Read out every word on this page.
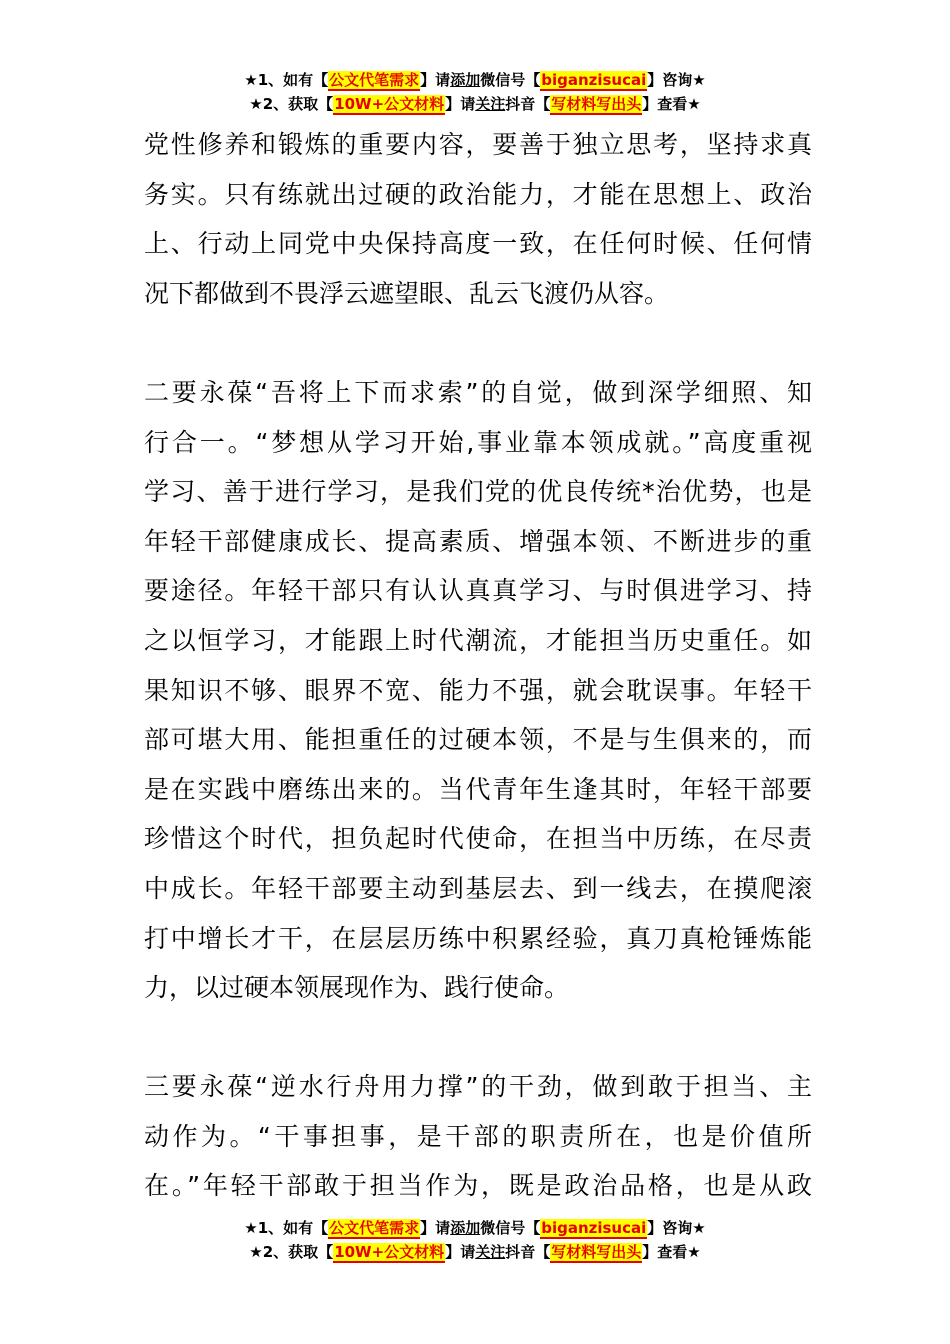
★1、如有【公文代笔需求】请添加微信号【biganzisucai】咨询★
★2、获取【10W+公文材料】请关注抖音【写材料写出头】查看★
党性修养和锻炼的重要内容，要善于独立思考，坚持求真
务实。只有练就出过硬的政治能力，才能在思想上、政治
上、行动上同党中央保持高度一致，在任何时候、任何情
况下都做到不畏浮云遮望眼、乱云飞渡仍从容。
二要永葆“吾将上下而求索”的自觉，做到深学细照、知
行合一。“梦想从学习开始,事业靠本领成就。”高度重视
学习、善于进行学习，是我们党的优良传统*治优势，也是
年轻干部健康成长、提高素质、增强本领、不断进步的重
要途径。年轻干部只有认认真真学习、与时俱进学习、持
之以恒学习，才能跟上时代潮流，才能担当历史重任。如
果知识不够、眼界不宽、能力不强，就会耽误事。年轻干
部可堪大用、能担重任的过硬本领，不是与生俱来的，而
是在实践中磨练出来的。当代青年生逢其时，年轻干部要
珍惜这个时代，担负起时代使命，在担当中历练，在尽责
中成长。年轻干部要主动到基层去、到一线去，在摸爬滚
打中增长才干，在层层历练中积累经验，真刀真枪锤炼能
力，以过硬本领展现作为、践行使命。
三要永葆“逆水行舟用力撑”的干劲，做到敢于担当、主
动作为。“干事担事，是干部的职责所在，也是价值所
在。”年轻干部敢于担当作为，既是政治品格，也是从政
★1、如有【公文代笔需求】请添加微信号【biganzisucai】咨询★
★2、获取【10W+公文材料】请关注抖音【写材料写出头】查看★
